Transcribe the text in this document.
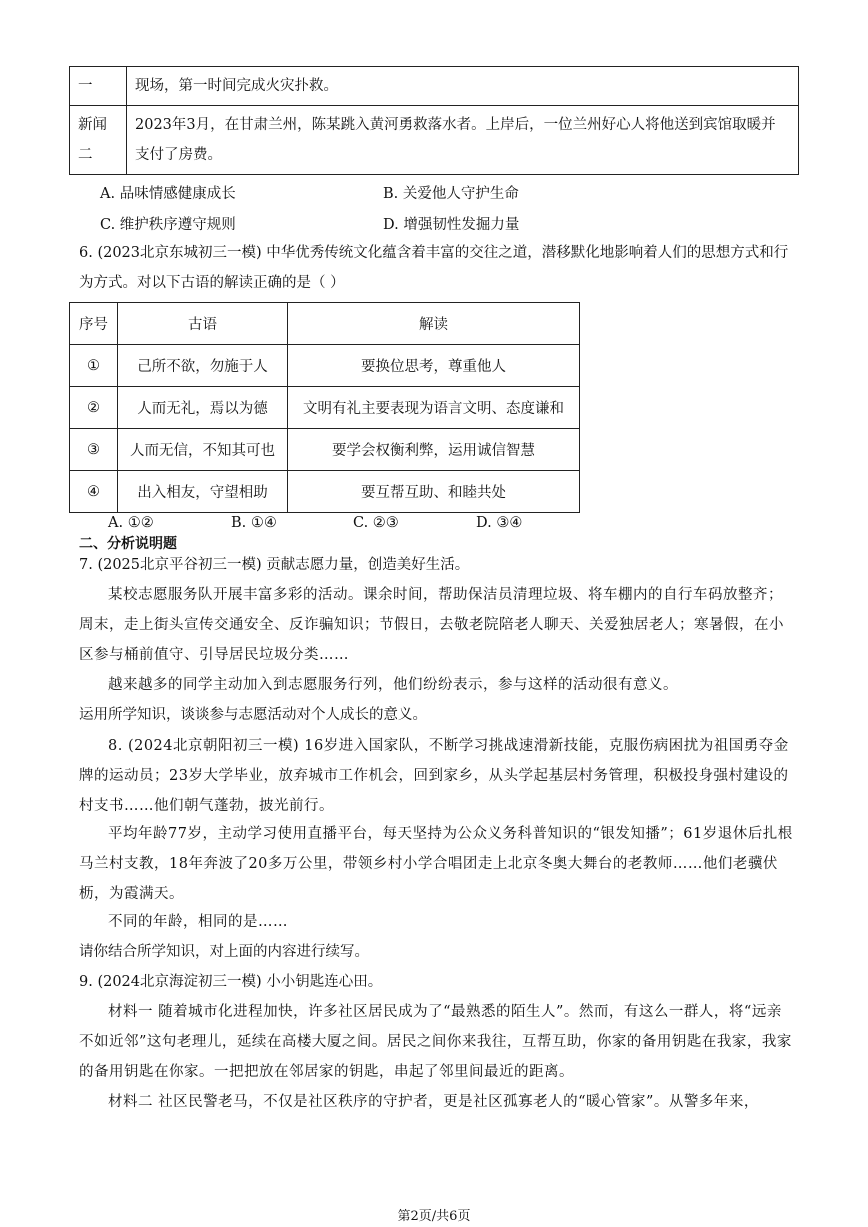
一	现场，第一时间完成火灾扑救。
新闻二	2023年3月，在甘肃兰州，陈某跳入黄河勇救落水者。上岸后，一位兰州好心人将他送到宾馆取暖并支付了房费。
A. 品味情感健康成长	B. 关爱他人守护生命
C. 维护秩序遵守规则	D. 增强韧性发掘力量
6. (2023北京东城初三一模) 中华优秀传统文化蕴含着丰富的交往之道，潜移默化地影响着人们的思想方式和行为方式。对以下古语的解读正确的是（ ）
序号	古语	解读
①	己所不欲，勿施于人	要换位思考，尊重他人
②	人而无礼，焉以为德	文明有礼主要表现为语言文明、态度谦和
③	人而无信，不知其可也	要学会权衡利弊，运用诚信智慧
④	出入相友，守望相助	要互帮互助、和睦共处
A. ①②	B. ①④	C. ②③	D. ③④
二、分析说明题
7. (2025北京平谷初三一模) 贡献志愿力量，创造美好生活。
某校志愿服务队开展丰富多彩的活动。课余时间，帮助保洁员清理垃圾、将车棚内的自行车码放整齐；周末，走上街头宣传交通安全、反诈骗知识；节假日，去敬老院陪老人聊天、关爱独居老人；寒暑假，在小区参与桶前值守、引导居民垃圾分类……
越来越多的同学主动加入到志愿服务行列，他们纷纷表示，参与这样的活动很有意义。
运用所学知识，谈谈参与志愿活动对个人成长的意义。
8. (2024北京朝阳初三一模) 16岁进入国家队，不断学习挑战速滑新技能，克服伤病困扰为祖国勇夺金牌的运动员；23岁大学毕业，放弃城市工作机会，回到家乡，从头学起基层村务管理，积极投身强村建设的村支书……他们朝气蓬勃，披光前行。
平均年龄77岁，主动学习使用直播平台，每天坚持为公众义务科普知识的“银发知播”；61岁退休后扎根马兰村支教，18年奔波了20多万公里，带领乡村小学合唱团走上北京冬奥大舞台的老教师……他们老骥伏枥，为霞满天。
不同的年龄，相同的是……
请你结合所学知识，对上面的内容进行续写。
9. (2024北京海淀初三一模) 小小钥匙连心田。
材料一 随着城市化进程加快，许多社区居民成为了“最熟悉的陌生人”。然而，有这么一群人，将“远亲不如近邻”这句老理儿，延续在高楼大厦之间。居民之间你来我往，互帮互助，你家的备用钥匙在我家，我家的备用钥匙在你家。一把把放在邻居家的钥匙，串起了邻里间最近的距离。
材料二 社区民警老马，不仅是社区秩序的守护者，更是社区孤寡老人的“暖心管家”。从警多年来，
第2页/共6页
